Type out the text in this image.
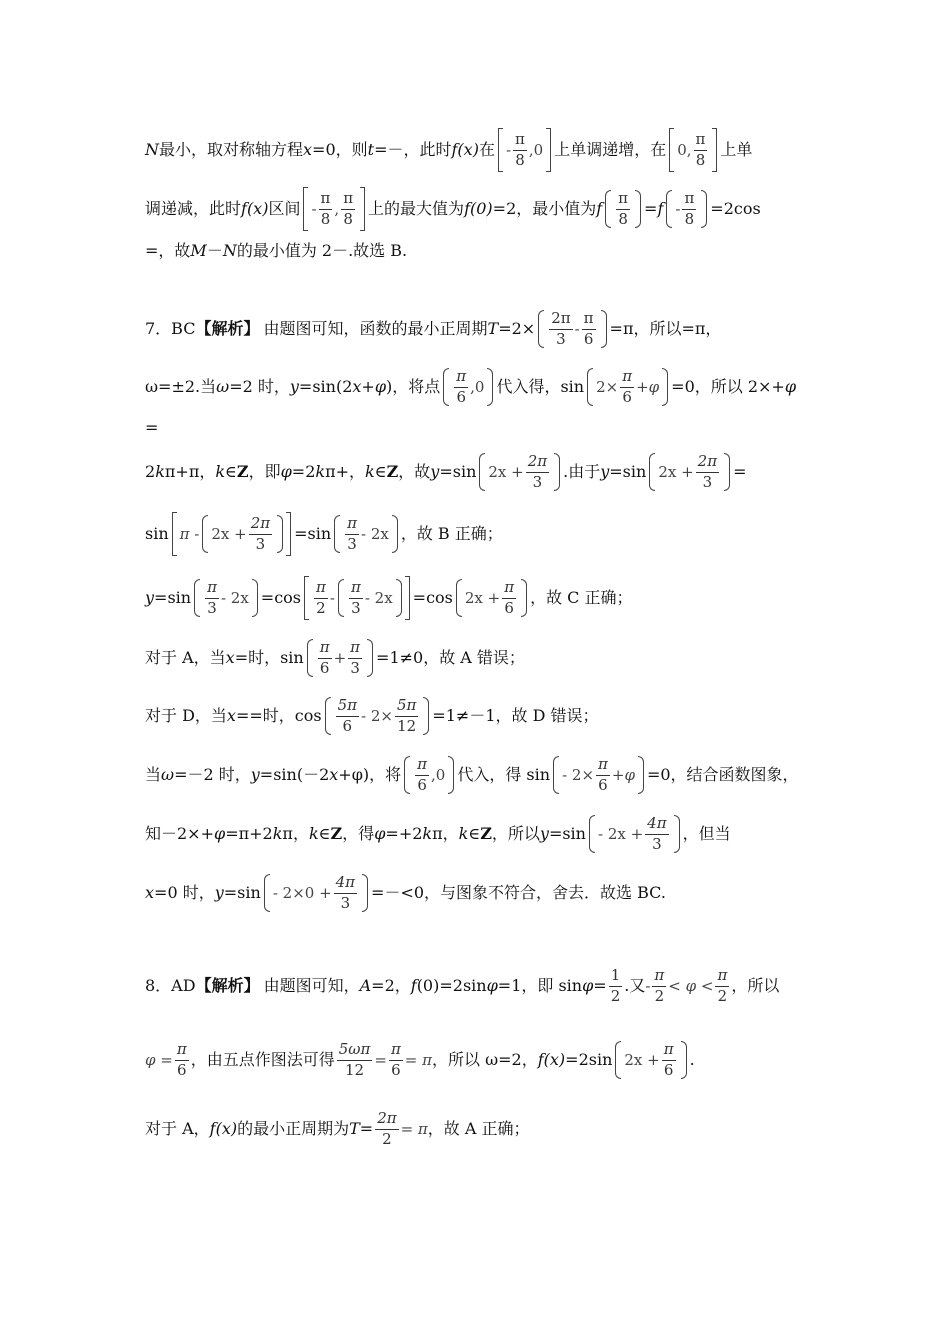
N 最小，取对称轴方程 x =0，则 t =－，此时 f(x) 在 -
π
8
,0 上单调递增，在 0,
π
8
上单
调递减，此时 f(x) 区间 -
π
8
,
π
8
上的最大值为 f(0) =2，最小值为 f
π
8
= f -
π
8
=2cos
=，故 M － N 的最小值为 2－.故选 B.
7．BC 【解析】 由题图可知，函数的最小正周期 T =2×
2π
3
-
π
6
=π，所以=π，
ω=±2.当 ω =2 时， y =sin(2 x + φ )，将点
π
6
,0 代入得，$\sin 2\times \frac{\pi}{6} +\varphi =0$，所以 2×+ φ
=
2 k π+π， k ∈ Z ，即 φ =2 k π+， k ∈ Z ，故 y =sin $2x + \frac{2\pi}{3}$ .由于 y =sin $2x + \frac{2\pi}{3}$ =
$\sin \pi - 2x + \frac{2\pi}{3} =\sin$
π
3
- 2x ，故 B 正确；
y =sin
π
3
- 2x =cos
π
2
-
π
3
- 2x =cos $2x + \frac{\pi}{6}$ ，故 C 正确；
对于 A，当 x =时，sin
π
6
+ $\frac{\pi}{3} =1\ne 0$，故 A 错误；
对于 D，当 x ==时，cos
5π
6
- $2\times \frac{5\pi}{12} =1\ne-1$，故 D 错误；
当 ω =－2 时， y =sin(－2 x +φ)，将
π
6
,0 代入，得 $\sin - 2\times \frac{\pi}{6} +\varphi =0$，结合函数图象，
知－2×+ φ =π+2 k π， k ∈ Z ，得 φ =+2 k π， k ∈ Z ，所以 $y =\sin - 2x + \frac{4\pi}{3}$ ，但当
x =0 时， $y =\sin - 2\times 0 + \frac{4\pi}{3} =-<0$，与图象不符合，舍去．故选 BC.
8．AD 【解析】 由题图可知， A =2， f (0)=2sin φ =1，即 $\sin \varphi = \frac{1}{2}$ .又 -
π
2
< φ <
π
2
，所以
$\varphi = \frac{\pi}{6}$ ，由五点作图法可得 $\frac{5\omega\pi}{12} = \frac{\pi}{6} = \pi$ ，所以 ω=2， f(x) =2sin $2x + \frac{\pi}{6}$ .
对于 A， f(x) 的最小正周期为 $T = \frac{2\pi}{2} = \pi$ ，故 A 正确；
